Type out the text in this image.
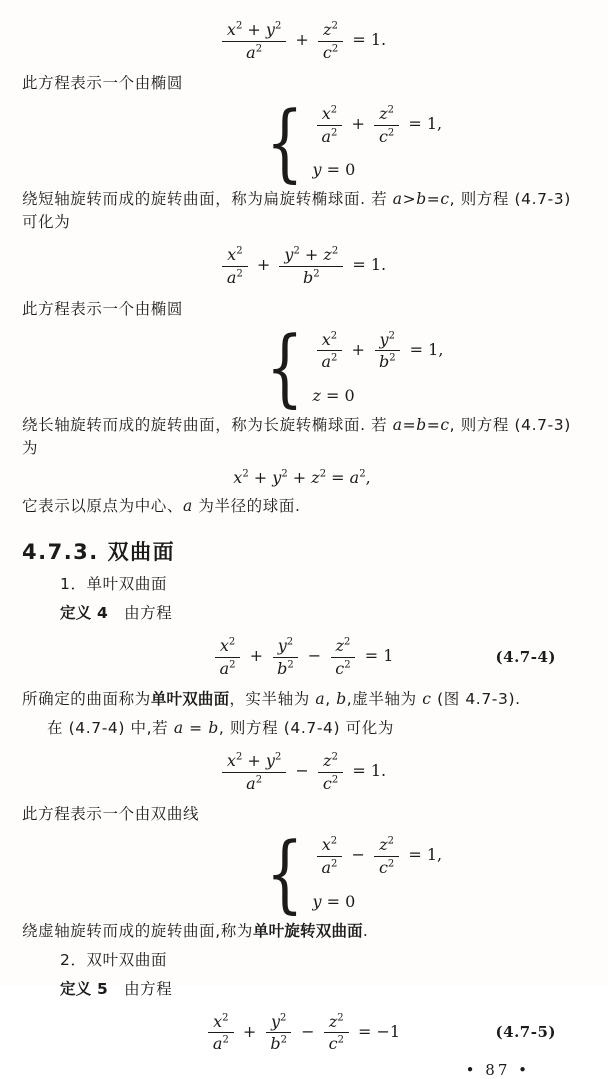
$\frac{x^2 + y^2}{a^2} + \frac{z^2}{c^2} = 1$.

此方程表示一个由椭圆

{ $\frac{x^2}{a^2} + \frac{z^2}{c^2} = 1$,
y = 0

绕短轴旋转而成的旋转曲面，称为扁旋转椭球面. 若 a>b=c, 则方程 (4.7-3) 可化为

$\frac{x^2}{a^2} + \frac{y^2 + z^2}{b^2} = 1$.

此方程表示一个由椭圆

{ $\frac{x^2}{a^2} + \frac{y^2}{b^2} = 1$,
z = 0

绕长轴旋转而成的旋转曲面，称为长旋转椭球面. 若 a=b=c, 则方程 (4.7-3) 为

$x^2 + y^2 + z^2 = a^2$,

它表示以原点为中心、a 为半径的球面.

4.7.3. 双曲面

1．单叶双曲面

定义 4　由方程

$\frac{x^2}{a^2} + \frac{y^2}{b^2} - \frac{z^2}{c^2} = 1$	(4.7-4)

所确定的曲面称为单叶双曲面，实半轴为 a, b,虚半轴为 c (图 4.7-3).

在 (4.7-4) 中,若 a = b, 则方程 (4.7-4) 可化为

$\frac{x^2 + y^2}{a^2} - \frac{z^2}{c^2} = 1$.

此方程表示一个由双曲线

{ $\frac{x^2}{a^2} - \frac{z^2}{c^2} = 1$,
y = 0

绕虚轴旋转而成的旋转曲面,称为单叶旋转双曲面.

2．双叶双曲面

定义 5　由方程

$\frac{x^2}{a^2} + \frac{y^2}{b^2} - \frac{z^2}{c^2} = -1$	(4.7-5)
• 87 •
